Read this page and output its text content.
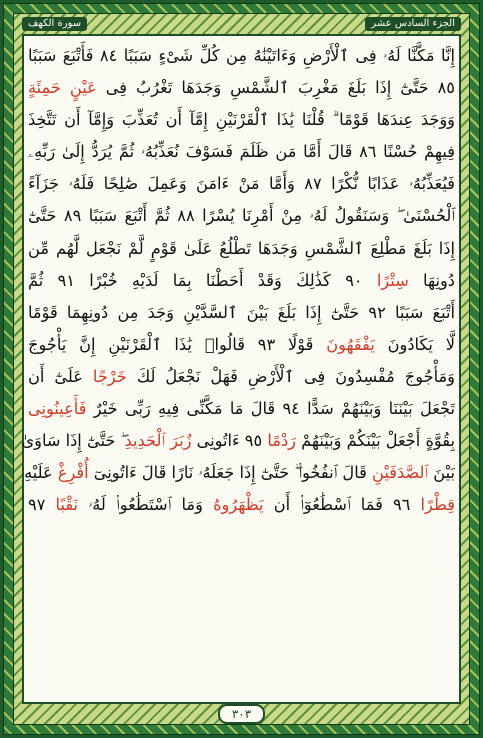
الجزء السادس عشر
سورة الكهف
إِنَّا مَكَّنَّا لَهُۥ فِى ٱلْأَرْضِ وَءَاتَيْنَٰهُ مِن كُلِّ شَىْءٍ سَبَبًا ٨٤ فَأَتْبَعَ سَبَبًا
٨٥ حَتَّىٰٓ إِذَا بَلَغَ مَغْرِبَ ٱلشَّمْسِ وَجَدَهَا تَغْرُبُ فِى عَيْنٍ حَمِئَةٍ
وَوَجَدَ عِندَهَا قَوْمًا ۗ قُلْنَا يَٰذَا ٱلْقَرْنَيْنِ إِمَّآ أَن تُعَذِّبَ وَإِمَّآ أَن تَتَّخِذَ
فِيهِمْ حُسْنًا ٨٦ قَالَ أَمَّا مَن ظَلَمَ فَسَوْفَ نُعَذِّبُهُۥ ثُمَّ يُرَدُّ إِلَىٰ رَبِّهِۦ
فَيُعَذِّبُهُۥ عَذَابًا نُّكْرًا ٨٧ وَأَمَّا مَنْ ءَامَنَ وَعَمِلَ صَٰلِحًا فَلَهُۥ جَزَآءً
ٱلْحُسْنَىٰ ۖ وَسَنَقُولُ لَهُۥ مِنْ أَمْرِنَا يُسْرًا ٨٨ ثُمَّ أَتْبَعَ سَبَبًا ٨٩ حَتَّىٰٓ
إِذَا بَلَغَ مَطْلِعَ ٱلشَّمْسِ وَجَدَهَا تَطْلُعُ عَلَىٰ قَوْمٍ لَّمْ نَجْعَل لَّهُم مِّن
دُونِهَا سِتْرًا ٩٠ كَذَٰلِكَ وَقَدْ أَحَطْنَا بِمَا لَدَيْهِ خُبْرًا ٩١ ثُمَّ
أَتْبَعَ سَبَبًا ٩٢ حَتَّىٰٓ إِذَا بَلَغَ بَيْنَ ٱلسَّدَّيْنِ وَجَدَ مِن دُونِهِمَا قَوْمًا
لَّا يَكَادُونَ يَفْقَهُونَ قَوْلًا ٩٣ قَالُوا۟ يَٰذَا ٱلْقَرْنَيْنِ إِنَّ يَأْجُوجَ
وَمَأْجُوجَ مُفْسِدُونَ فِى ٱلْأَرْضِ فَهَلْ نَجْعَلُ لَكَ خَرْجًا عَلَىٰٓ أَن
تَجْعَلَ بَيْنَنَا وَبَيْنَهُمْ سَدًّا ٩٤ قَالَ مَا مَكَّنِّى فِيهِ رَبِّى خَيْرٌ فَأَعِينُونِى
بِقُوَّةٍ أَجْعَلْ بَيْنَكُمْ وَبَيْنَهُمْ رَدْمًا ٩٥ ءَاتُونِى زُبَرَ ٱلْحَدِيدِ ۖ حَتَّىٰٓ إِذَا سَاوَىٰ
بَيْنَ ٱلصَّدَفَيْنِ قَالَ ٱنفُخُوا۟ ۖ حَتَّىٰٓ إِذَا جَعَلَهُۥ نَارًا قَالَ ءَاتُونِىٓ أُفْرِغْ عَلَيْهِ
قِطْرًا ٩٦ فَمَا ٱسْطَٰعُوٓا۟ أَن يَظْهَرُوهُ وَمَا ٱسْتَطَٰعُوا۟ لَهُۥ نَقْبًا ٩٧
٣٠٣
